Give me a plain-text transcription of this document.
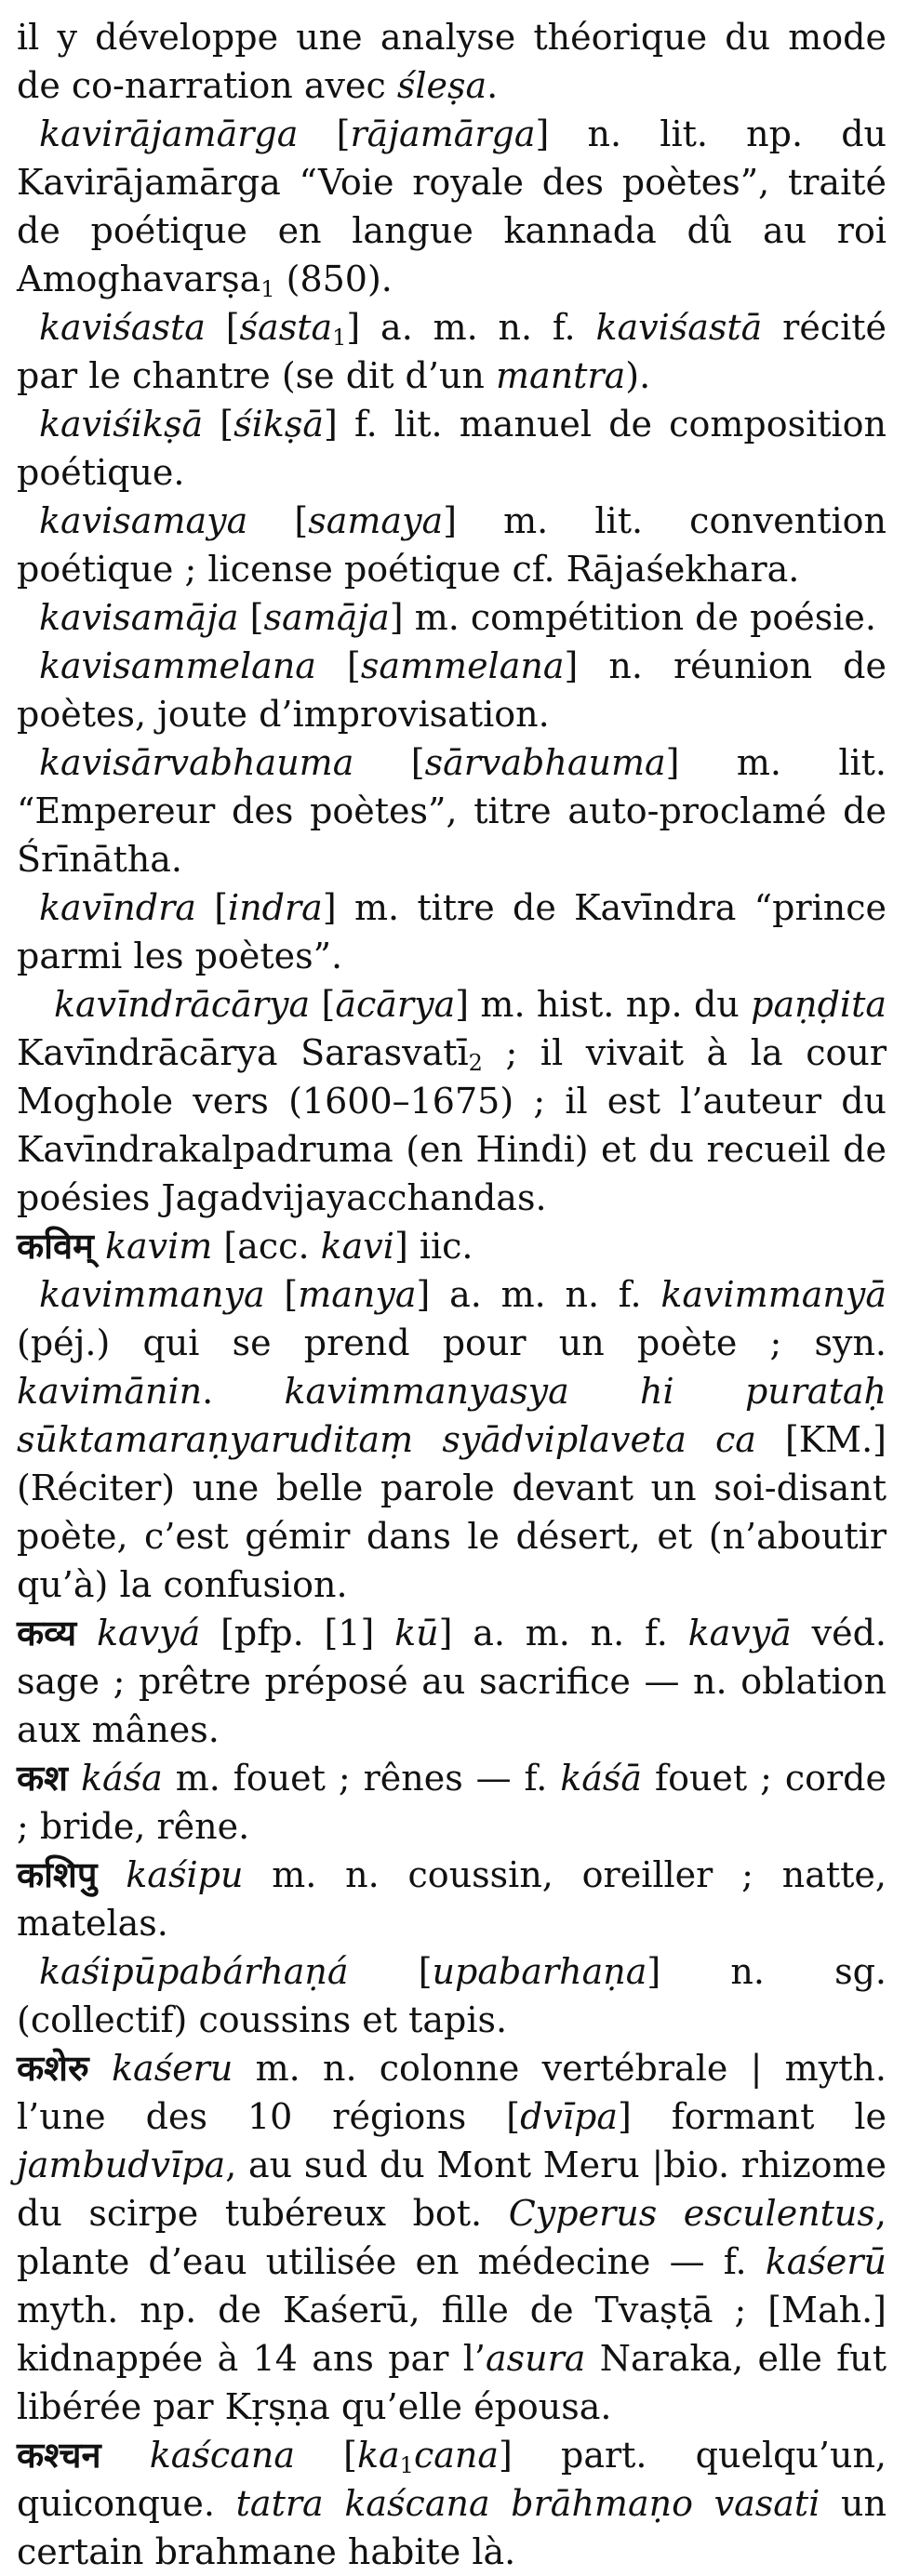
il y développe une analyse théorique du mode de co-narration avec śleṣa.

kavirājamārga [rājamārga] n. lit. np. du Kavirājamārga “Voie royale des poètes”, traité de poétique en langue kannada dû au roi Amoghavarṣa$_1$ (850).

kaviśasta [śasta$_1$] a. m. n. f. kaviśastā récité par le chantre (se dit d’un mantra).

kaviśikṣā [śikṣā] f. lit. manuel de composition poétique.

kavisamaya [samaya] m. lit. convention poétique ; license poétique cf. Rājaśekhara.

kavisamāja [samāja] m. compétition de poésie.

kavisammelana [sammelana] n. réunion de poètes, joute d’improvisation.

kavisārvabhauma [sārvabhauma] m. lit. “Empereur des poètes”, titre auto-proclamé de Śrīnātha.

kavīndra [indra] m. titre de Kavīndra “prince parmi les poètes”.

kavīndrācārya [ācārya] m. hist. np. du paṇḍita Kavīndrācārya Sarasvatī$_2$ ; il vivait à la cour Moghole vers (1600–1675) ; il est l’auteur du Kavīndrakalpadruma (en Hindi) et du recueil de poésies Jagadvijayacchandas.

कविम् kavim [acc. kavi] iic.

kavimmanya [manya] a. m. n. f. kavimmanyā (péj.) qui se prend pour un poète ; syn. kavimānin. kavimmanyasya hi purataḥ sūktamaraṇyaruditaṃ syādviplaveta ca [KM.] (Réciter) une belle parole devant un soi-disant poète, c’est gémir dans le désert, et (n’aboutir qu’à) la confusion.

कव्य kavyá [pfp. [1] kū] a. m. n. f. kavyā véd. sage ; prêtre préposé au sacrifice — n. oblation aux mânes.

कश káśa m. fouet ; rênes — f. káśā fouet ; corde ; bride, rêne.

कशिपु kaśipu m. n. coussin, oreiller ; natte, matelas.

kaśipūpabárhaṇá [upabarhaṇa] n. sg. (collectif) coussins et tapis.

कशेरु kaśeru m. n. colonne vertébrale | myth. l’une des 10 régions [dvīpa] formant le jambudvīpa, au sud du Mont Meru |bio. rhizome du scirpe tubéreux bot. Cyperus esculentus, plante d’eau utilisée en médecine — f. kaśerū myth. np. de Kaśerū, fille de Tvaṣṭā ; [Mah.] kidnappée à 14 ans par l’asura Naraka, elle fut libérée par Kṛṣṇa qu’elle épousa.

कश्चन kaścana $[ka_1cana]$ part. quelqu’un, quiconque. tatra kaścana brāhmaṇo vasati un certain brahmane habite là.
